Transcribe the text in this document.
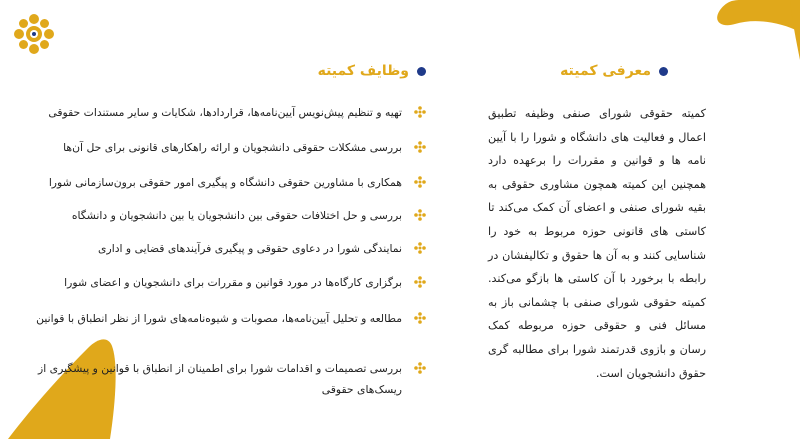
معرفی کمیته
وظایف کمیته

کمیته حقوقی شورای صنفی وظیفه تطبیق اعمال و فعالیت های دانشگاه و شورا را با آیین نامه ها و قوانین و مقررات را برعهده دارد همچنین این کمیته همچون مشاوری حقوقی به بقیه شورای صنفی و اعضای آن کمک می‌کند تا کاستی های قانونی حوزه مربوط به خود را شناسایی کنند و به آن ها حقوق و تکالیفشان در رابطه با برخورد با آن کاستی ها بازگو می‌کند. کمیته حقوقی شورای صنفی با چشمانی باز به مسائل فنی و حقوقی حوزه مربوطه کمک رسان و بازوی قدرتمند شورا برای مطالبه گری حقوق دانشجویان است.

تهیه و تنظیم پیش‌نویس آیین‌نامه‌ها، قراردادها، شکایات و سایر مستندات حقوقی
بررسی مشکلات حقوقی دانشجویان و ارائه راهکارهای قانونی برای حل آن‌ها
همکاری با مشاورین حقوقی دانشگاه و پیگیری امور حقوقی برون‌سازمانی شورا
بررسی و حل اختلافات حقوقی بین دانشجویان یا بین دانشجویان و دانشگاه
نمایندگی شورا در دعاوی حقوقی و پیگیری فرآیندهای قضایی و اداری
برگزاری کارگاه‌ها در مورد قوانین و مقررات برای دانشجویان و اعضای شورا
مطالعه و تحلیل آیین‌نامه‌ها، مصوبات و شیوه‌نامه‌های شورا از نظر انطباق با قوانین
بررسی تصمیمات و اقدامات شورا برای اطمینان از انطباق با قوانین و پیشگیری از ریسک‌های حقوقی
